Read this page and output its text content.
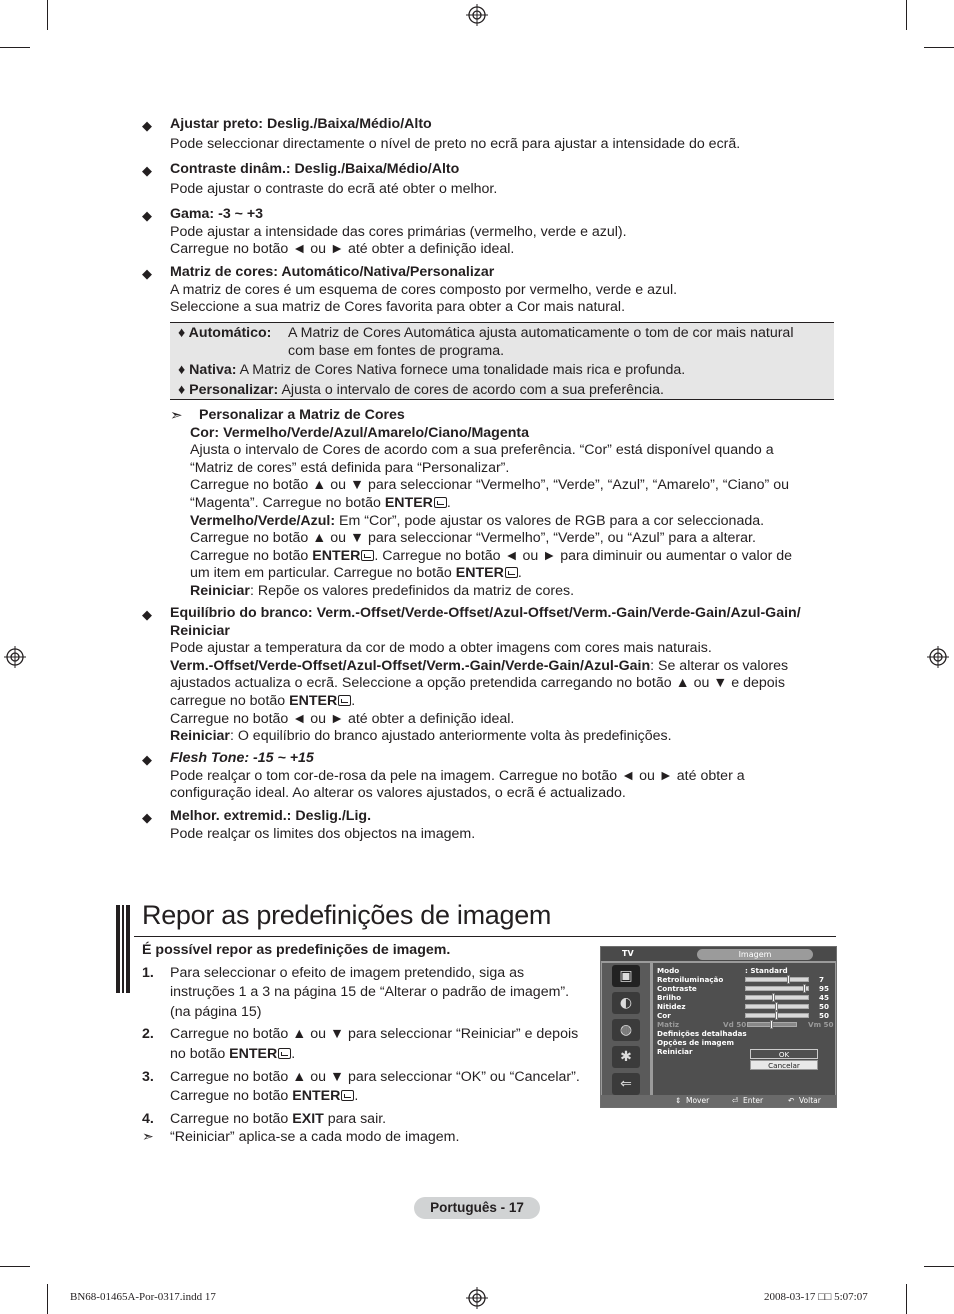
◆ Ajustar preto: Deslig./Baixa/Médio/Alto
Pode seleccionar directamente o nível de preto no ecrã para ajustar a intensidade do ecrã.
◆ Contraste dinâm.: Deslig./Baixa/Médio/Alto
Pode ajustar o contraste do ecrã até obter o melhor.
◆ Gama: -3 ~ +3
Pode ajustar a intensidade das cores primárias (vermelho, verde e azul).
Carregue no botão ◄ ou ► até obter a definição ideal.
◆ Matriz de cores: Automático/Nativa/Personalizar
A matriz de cores é um esquema de cores composto por vermelho, verde e azul.
Seleccione a sua matriz de Cores favorita para obter a Cor mais natural.
♦ Automático: A Matriz de Cores Automática ajusta automaticamente o tom de cor mais natural
com base em fontes de programa.
♦ Nativa: A Matriz de Cores Nativa fornece uma tonalidade mais rica e profunda.
♦ Personalizar: Ajusta o intervalo de cores de acordo com a sua preferência.
➣ Personalizar a Matriz de Cores
Cor: Vermelho/Verde/Azul/Amarelo/Ciano/Magenta
Ajusta o intervalo de Cores de acordo com a sua preferência. “Cor” está disponível quando a
“Matriz de cores” está definida para “Personalizar”.
Carregue no botão ▲ ou ▼ para seleccionar “Vermelho”, “Verde”, “Azul”, “Amarelo”, “Ciano” ou
“Magenta”. Carregue no botão ENTER .
Vermelho/Verde/Azul: Em “Cor”, pode ajustar os valores de RGB para a cor seleccionada.
Carregue no botão ▲ ou ▼ para seleccionar “Vermelho”, “Verde”, ou “Azul” para a alterar.
Carregue no botão ENTER . Carregue no botão ◄ ou ► para diminuir ou aumentar o valor de
um item em particular. Carregue no botão ENTER .
Reiniciar: Repõe os valores predefinidos da matriz de cores.
◆ Equilíbrio do branco: Verm.-Offset/Verde-Offset/Azul-Offset/Verm.-Gain/Verde-Gain/Azul-Gain/
Reiniciar
Pode ajustar a temperatura da cor de modo a obter imagens com cores mais naturais.
Verm.-Offset/Verde-Offset/Azul-Offset/Verm.-Gain/Verde-Gain/Azul-Gain: Se alterar os valores
ajustados actualiza o ecrã. Seleccione a opção pretendida carregando no botão ▲ ou ▼ e depois
carregue no botão ENTER .
Carregue no botão ◄ ou ► até obter a definição ideal.
Reiniciar: O equilíbrio do branco ajustado anteriormente volta às predefinições.
◆ Flesh Tone: -15 ~ +15
Pode realçar o tom cor-de-rosa da pele na imagem. Carregue no botão ◄ ou ► até obter a
configuração ideal. Ao alterar os valores ajustados, o ecrã é actualizado.
◆ Melhor. extremid.: Deslig./Lig.
Pode realçar os limites dos objectos na imagem.
Repor as predefinições de imagem
É possível repor as predefinições de imagem.
1. Para seleccionar o efeito de imagem pretendido, siga as instruções 1 a 3 na página 15 de “Alterar o padrão de imagem”. (na página 15)
2. Carregue no botão ▲ ou ▼ para seleccionar “Reiniciar” e depois no botão ENTER .
3. Carregue no botão ▲ ou ▼ para seleccionar “OK” ou “Cancelar”. Carregue no botão ENTER .
4. Carregue no botão EXIT para sair.
➣ “Reiniciar” aplica-se a cada modo de imagem.
TV	Imagem
▣
◐
◍
✱
⇐
Modo	: Standard
Retroiluminação	7
Contraste	95
Brilho	45
Nitidez	50
Cor	50
Matiz	Vd 50	Vm 50
Definições detalhadas
Opções de imagem
Reiniciar	OK
Cancelar
⇕ Mover	⏎ Enter	↶ Voltar
Português - 17
BN68-01465A-Por-0317.indd 17	2008-03-17 □□ 5:07:07
